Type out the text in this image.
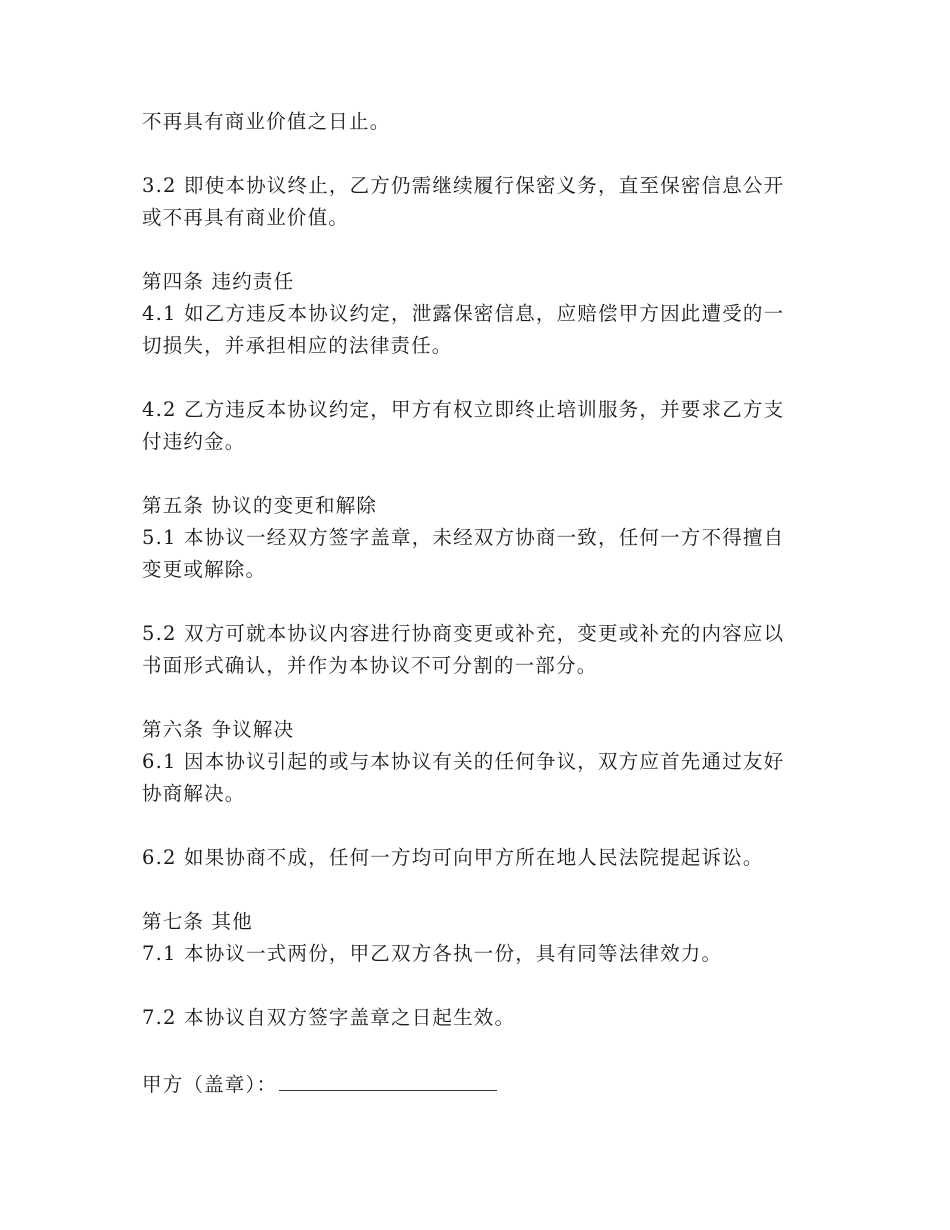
不再具有商业价值之日止。

3.2 即使本协议终止，乙方仍需继续履行保密义务，直至保密信息公开或不再具有商业价值。

第四条 违约责任

4.1 如乙方违反本协议约定，泄露保密信息，应赔偿甲方因此遭受的一切损失，并承担相应的法律责任。

4.2 乙方违反本协议约定，甲方有权立即终止培训服务，并要求乙方支付违约金。

第五条 协议的变更和解除

5.1 本协议一经双方签字盖章，未经双方协商一致，任何一方不得擅自变更或解除。

5.2 双方可就本协议内容进行协商变更或补充，变更或补充的内容应以书面形式确认，并作为本协议不可分割的一部分。

第六条 争议解决

6.1 因本协议引起的或与本协议有关的任何争议，双方应首先通过友好协商解决。

6.2 如果协商不成，任何一方均可向甲方所在地人民法院提起诉讼。

第七条 其他

7.1 本协议一式两份，甲乙双方各执一份，具有同等法律效力。

7.2 本协议自双方签字盖章之日起生效。

甲方（盖章）：
